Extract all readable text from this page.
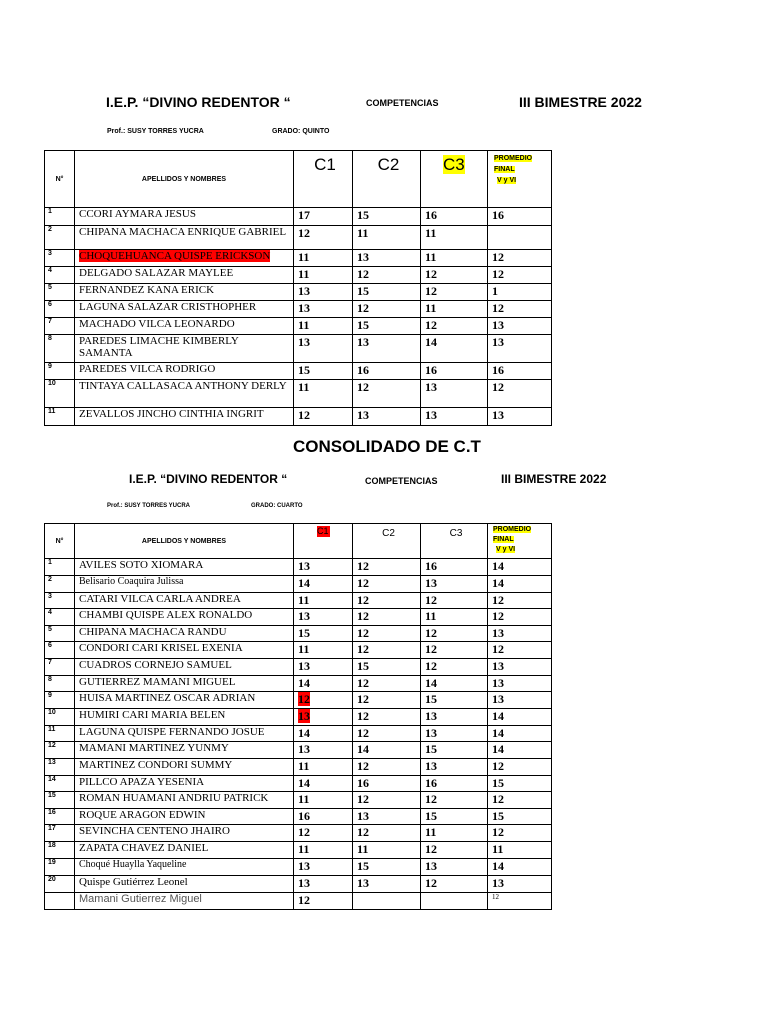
I.E.P. “DIVINO REDENTOR “	COMPETENCIAS	III BIMESTRE 2022
Prof.: SUSY TORRES YUCRA	GRADO: QUINTO
N°	APELLIDOS Y NOMBRES	C1	C2	C3	PROMEDIO
FINAL
V y VI

1	CCORI AYMARA JESUS	17	15	16	16
2	CHIPANA MACHACA ENRIQUE GABRIEL	12	11	11	
3	CHOQUEHUANCA QUISPE ERICKSON	11	13	11	12
4	DELGADO SALAZAR MAYLEE	11	12	12	12
5	FERNANDEZ KANA ERICK	13	15	12	1
6	LAGUNA SALAZAR CRISTHOPHER	13	12	11	12
7	MACHADO VILCA LEONARDO	11	15	12	13
8	PAREDES LIMACHE KIMBERLY SAMANTA	13	13	14	13
9	PAREDES VILCA RODRIGO	15	16	16	16
10	TINTAYA CALLASACA ANTHONY DERLY	11	12	13	12
11	ZEVALLOS JINCHO CINTHIA INGRIT	12	13	13	13
CONSOLIDADO DE C.T
I.E.P. “DIVINO REDENTOR “	COMPETENCIAS	III BIMESTRE 2022
Prof.: SUSY TORRES YUCRA	GRADO: CUARTO
N°	APELLIDOS Y NOMBRES	C1	C2	C3	PROMEDIO
FINAL
V y VI

1	AVILES SOTO XIOMARA	13	12	16	14
2	Belisario Coaquira Julissa	14	12	13	14
3	CATARI VILCA CARLA ANDREA	11	12	12	12
4	CHAMBI QUISPE ALEX RONALDO	13	12	11	12
5	CHIPANA MACHACA RANDU	15	12	12	13
6	CONDORI CARI KRISEL EXENIA	11	12	12	12
7	CUADROS CORNEJO SAMUEL	13	15	12	13
8	GUTIERREZ MAMANI MIGUEL	14	12	14	13
9	HUISA MARTINEZ OSCAR ADRIAN	12	12	15	13
10	HUMIRI CARI MARIA BELEN	13	12	13	14
11	LAGUNA QUISPE FERNANDO JOSUE	14	12	13	14
12	MAMANI MARTINEZ YUNMY	13	14	15	14
13	MARTINEZ CONDORI SUMMY	11	12	13	12
14	PILLCO APAZA YESENIA	14	16	16	15
15	ROMAN HUAMANI ANDRIU PATRICK	11	12	12	12
16	ROQUE ARAGON EDWIN	16	13	15	15
17	SEVINCHA CENTENO JHAIRO	12	12	11	12
18	ZAPATA CHAVEZ DANIEL	11	11	12	11
19	Choqué Huaylla Yaqueline	13	15	13	14
20	Quispe Gutiérrez Leonel	13	13	12	13
	Mamani Gutierrez Miguel	12			12
